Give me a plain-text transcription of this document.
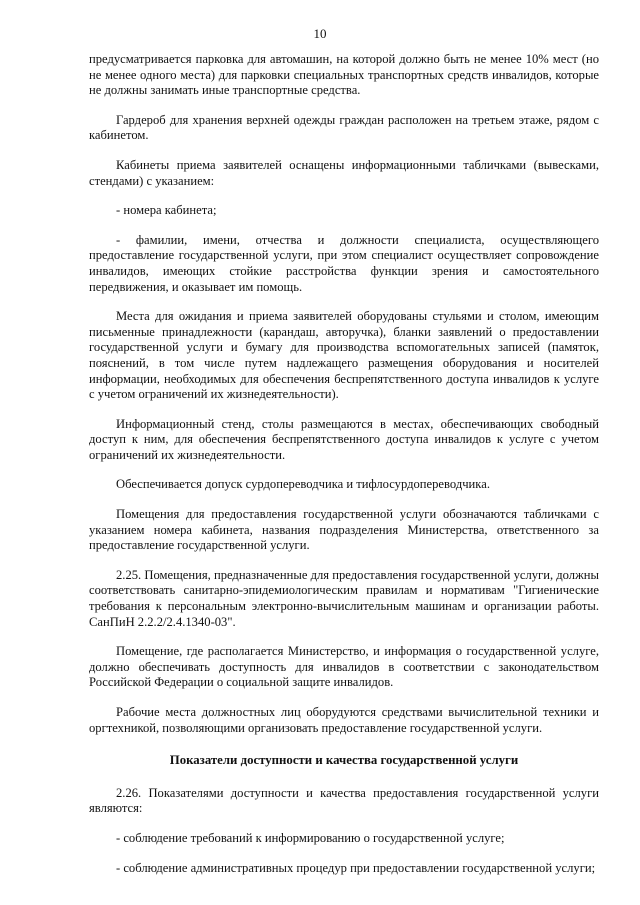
10

предусматривается парковка для автомашин, на которой должно быть не менее 10% мест (но не менее одного места) для парковки специальных транспортных средств инвалидов, которые не должны занимать иные транспортные средства.

Гардероб для хранения верхней одежды граждан расположен на третьем этаже, рядом с кабинетом.

Кабинеты приема заявителей оснащены информационными табличками (вывесками, стендами) с указанием:

- номера кабинета;

- фамилии, имени, отчества и должности специалиста, осуществляющего предоставление государственной услуги, при этом специалист осуществляет сопровождение инвалидов, имеющих стойкие расстройства функции зрения и самостоятельного передвижения, и оказывает им помощь.

Места для ожидания и приема заявителей оборудованы стульями и столом, имеющим письменные принадлежности (карандаш, авторучка), бланки заявлений о предоставлении государственной услуги и бумагу для производства вспомогательных записей (памяток, пояснений, в том числе путем надлежащего размещения оборудования и носителей информации, необходимых для обеспечения беспрепятственного доступа инвалидов к услуге с учетом ограничений их жизнедеятельности).

Информационный стенд, столы размещаются в местах, обеспечивающих свободный доступ к ним, для обеспечения беспрепятственного доступа инвалидов к услуге с учетом ограничений их жизнедеятельности.

Обеспечивается допуск сурдопереводчика и тифлосурдопереводчика.

Помещения для предоставления государственной услуги обозначаются табличками с указанием номера кабинета, названия подразделения Министерства, ответственного за предоставление государственной услуги.

2.25. Помещения, предназначенные для предоставления государственной услуги, должны соответствовать санитарно-эпидемиологическим правилам и нормативам "Гигиенические требования к персональным электронно-вычислительным машинам и организации работы. СанПиН 2.2.2/2.4.1340-03".

Помещение, где располагается Министерство, и информация о государственной услуге, должно обеспечивать доступность для инвалидов в соответствии с законодательством Российской Федерации о социальной защите инвалидов.

Рабочие места должностных лиц оборудуются средствами вычислительной техники и оргтехникой, позволяющими организовать предоставление государственной услуги.

Показатели доступности и качества государственной услуги

2.26. Показателями доступности и качества предоставления государственной услуги являются:

- соблюдение требований к информированию о государственной услуге;

- соблюдение административных процедур при предоставлении государственной услуги;
